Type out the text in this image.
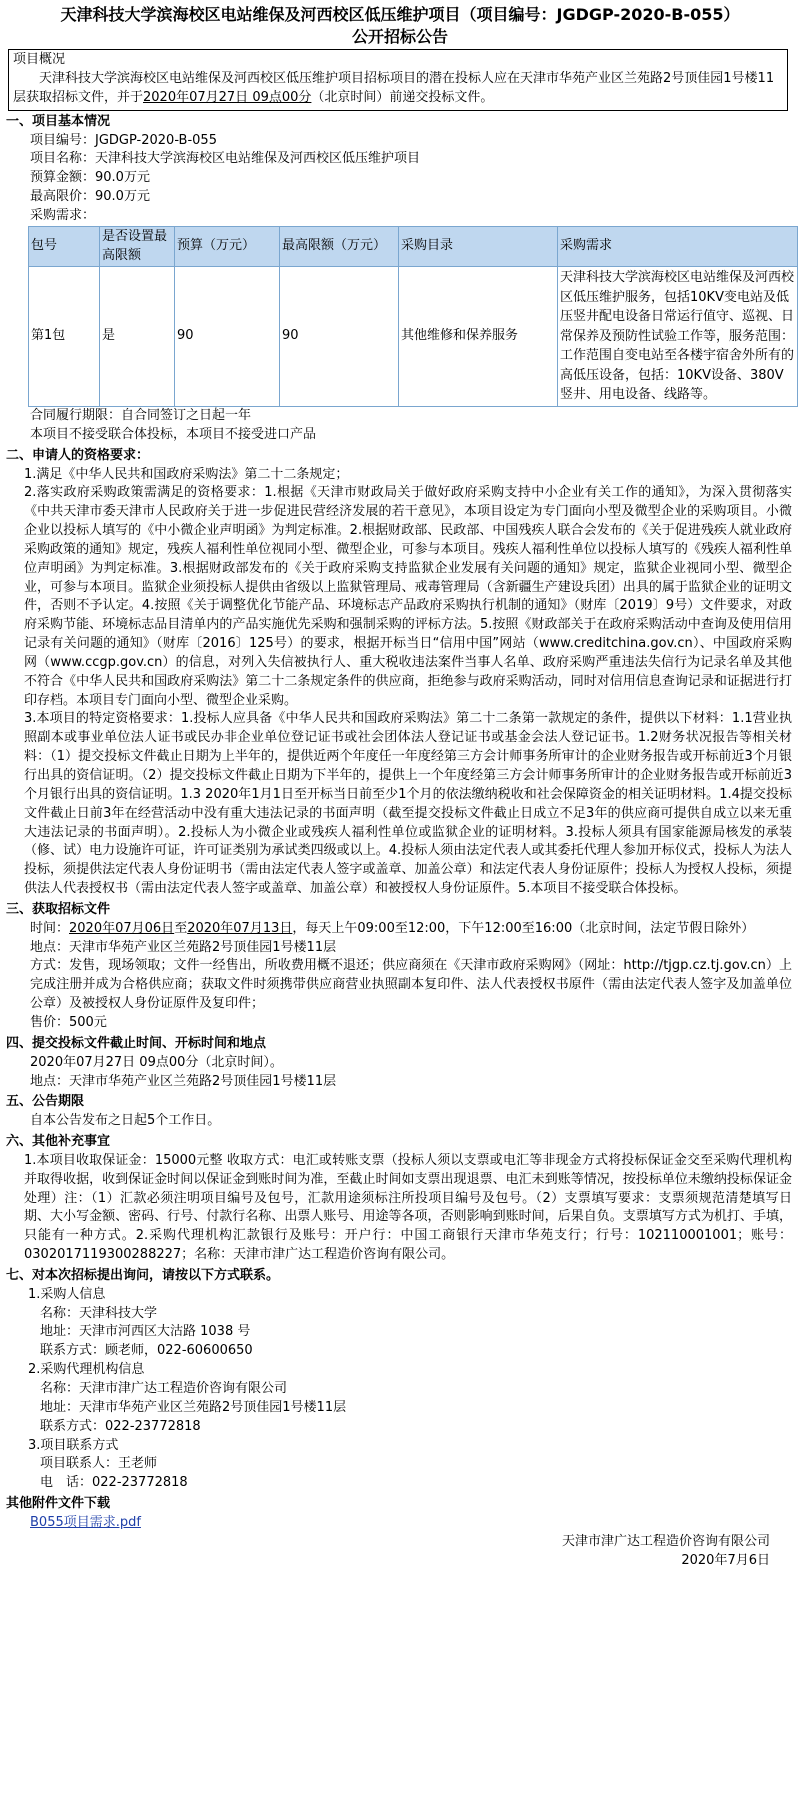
天津科技大学滨海校区电站维保及河西校区低压维护项目（项目编号：JGDGP-2020-B-055）
公开招标公告
项目概况
天津科技大学滨海校区电站维保及河西校区低压维护项目招标项目的潜在投标人应在天津市华苑产业区兰苑路2号顶佳园1号楼11层获取招标文件，并于2020年07月27日 09点00分（北京时间）前递交投标文件。
一、项目基本情况
项目编号：JGDGP-2020-B-055
项目名称：天津科技大学滨海校区电站维保及河西校区低压维护项目
预算金额：90.0万元
最高限价：90.0万元
采购需求：
包号	是否设置最高限额	预算（万元）	最高限额（万元）	采购目录	采购需求
第1包	是	90	90	其他维修和保养服务	天津科技大学滨海校区电站维保及河西校区低压维护服务，包括10KV变电站及低压竖井配电设备日常运行值守、巡视、日常保养及预防性试验工作等，服务范围：工作范围自变电站至各楼宇宿舍外所有的高低压设备，包括：10KV设备、380V竖井、用电设备、线路等。
合同履行期限：自合同签订之日起一年
本项目不接受联合体投标，本项目不接受进口产品
二、申请人的资格要求：
1.满足《中华人民共和国政府采购法》第二十二条规定；
2.落实政府采购政策需满足的资格要求：1.根据《天津市财政局关于做好政府采购支持中小企业有关工作的通知》，为深入贯彻落实《中共天津市委天津市人民政府关于进一步促进民营经济发展的若干意见》，本项目设定为专门面向小型及微型企业的采购项目。小微企业以投标人填写的《中小微企业声明函》为判定标准。2.根据财政部、民政部、中国残疾人联合会发布的《关于促进残疾人就业政府采购政策的通知》规定，残疾人福利性单位视同小型、微型企业，可参与本项目。残疾人福利性单位以投标人填写的《残疾人福利性单位声明函》为判定标准。3.根据财政部发布的《关于政府采购支持监狱企业发展有关问题的通知》规定，监狱企业视同小型、微型企业，可参与本项目。监狱企业须投标人提供由省级以上监狱管理局、戒毒管理局（含新疆生产建设兵团）出具的属于监狱企业的证明文件，否则不予认定。4.按照《关于调整优化节能产品、环境标志产品政府采购执行机制的通知》（财库〔2019〕9号）文件要求，对政府采购节能、环境标志品目清单内的产品实施优先采购和强制采购的评标方法。5.按照《财政部关于在政府采购活动中查询及使用信用记录有关问题的通知》（财库〔2016〕125号）的要求，根据开标当日“信用中国”网站（www.creditchina.gov.cn）、中国政府采购网（www.ccgp.gov.cn）的信息，对列入失信被执行人、重大税收违法案件当事人名单、政府采购严重违法失信行为记录名单及其他不符合《中华人民共和国政府采购法》第二十二条规定条件的供应商，拒绝参与政府采购活动，同时对信用信息查询记录和证据进行打印存档。本项目专门面向小型、微型企业采购。
3.本项目的特定资格要求：1.投标人应具备《中华人民共和国政府采购法》第二十二条第一款规定的条件，提供以下材料：1.1营业执照副本或事业单位法人证书或民办非企业单位登记证书或社会团体法人登记证书或基金会法人登记证书。1.2财务状况报告等相关材料：（1）提交投标文件截止日期为上半年的，提供近两个年度任一年度经第三方会计师事务所审计的企业财务报告或开标前近3个月银行出具的资信证明。（2）提交投标文件截止日期为下半年的，提供上一个年度经第三方会计师事务所审计的企业财务报告或开标前近3个月银行出具的资信证明。1.3 2020年1月1日至开标当日前至少1个月的依法缴纳税收和社会保障资金的相关证明材料。1.4提交投标文件截止日前3年在经营活动中没有重大违法记录的书面声明（截至提交投标文件截止日成立不足3年的供应商可提供自成立以来无重大违法记录的书面声明）。2.投标人为小微企业或残疾人福利性单位或监狱企业的证明材料。3.投标人须具有国家能源局核发的承装（修、试）电力设施许可证，许可证类别为承试类四级或以上。4.投标人须由法定代表人或其委托代理人参加开标仪式，投标人为法人投标，须提供法定代表人身份证明书（需由法定代表人签字或盖章、加盖公章）和法定代表人身份证原件；投标人为授权人投标，须提供法人代表授权书（需由法定代表人签字或盖章、加盖公章）和被授权人身份证原件。5.本项目不接受联合体投标。
三、获取招标文件
时间：2020年07月06日至2020年07月13日，每天上午09:00至12:00，下午12:00至16:00（北京时间，法定节假日除外）
地点：天津市华苑产业区兰苑路2号顶佳园1号楼11层
方式：发售，现场领取；文件一经售出，所收费用概不退还；供应商须在《天津市政府采购网》（网址：http://tjgp.cz.tj.gov.cn）上完成注册并成为合格供应商；获取文件时须携带供应商营业执照副本复印件、法人代表授权书原件（需由法定代表人签字及加盖单位公章）及被授权人身份证原件及复印件；
售价：500元
四、提交投标文件截止时间、开标时间和地点
2020年07月27日 09点00分（北京时间）。
地点：天津市华苑产业区兰苑路2号顶佳园1号楼11层
五、公告期限
自本公告发布之日起5个工作日。
六、其他补充事宜
1.本项目收取保证金：15000元整 收取方式：电汇或转账支票（投标人须以支票或电汇等非现金方式将投标保证金交至采购代理机构并取得收据，收到保证金时间以保证金到账时间为准，至截止时间如支票出现退票、电汇未到账等情况，按投标单位未缴纳投标保证金处理）注：（1）汇款必须注明项目编号及包号，汇款用途须标注所投项目编号及包号。（2）支票填写要求：支票须规范清楚填写日期、大小写金额、密码、行号、付款行名称、出票人账号、用途等各项，否则影响到账时间，后果自负。支票填写方式为机打、手填，只能有一种方式。2.采购代理机构汇款银行及账号：开户行：中国工商银行天津市华苑支行；行号：102110001001；账号：0302017119300288227；名称：天津市津广达工程造价咨询有限公司。
七、对本次招标提出询问，请按以下方式联系。
1.采购人信息
名称：天津科技大学
地址：天津市河西区大沽路 1038 号
联系方式：顾老师，022-60600650
2.采购代理机构信息
名称：天津市津广达工程造价咨询有限公司
地址：天津市华苑产业区兰苑路2号顶佳园1号楼11层
联系方式：022-23772818
3.项目联系方式
项目联系人：王老师
电　话：022-23772818
其他附件文件下载
B055项目需求.pdf
天津市津广达工程造价咨询有限公司
2020年7月6日
